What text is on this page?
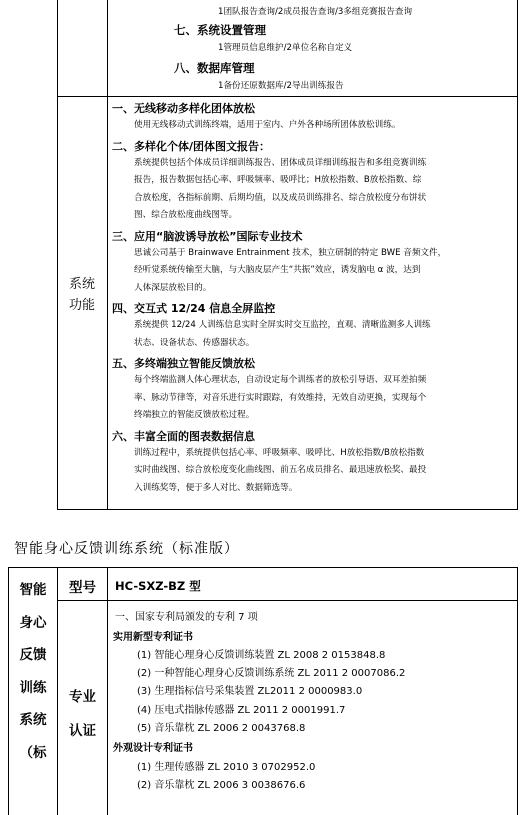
1团队报告查询/2成员报告查询/3多组竞赛报告查询
七、系统设置管理
1管理员信息维护/2单位名称自定义
八、数据库管理
1备份还原数据库/2导出训练报告
系统
功能
一、无线移动多样化团体放松
使用无线移动式训练终端，适用于室内、户外各种场所团体放松训练。
二、多样化个体/团体图文报告：
系统提供包括个体成员详细训练报告、团体成员详细训练报告和多组竞赛训练
报告，报告数据包括心率、呼吸频率、吸呼比；H放松指数、B放松指数、综
合放松度，各指标前期、后期均值，以及成员训练排名、综合放松度分布饼状
图、综合放松度曲线图等。
三、应用“脑波诱导放松”国际专业技术
思诚公司基于 Brainwave Entrainment 技术，独立研制的特定 BWE 音频文件，
经听觉系统传输至大脑，与大脑皮层产生“共振”效应，诱发脑电 α 波，达到
人体深层放松目的。
四、交互式 12/24 信息全屏监控
系统提供 12/24 人训练信息实时全屏实时交互监控，直观、清晰监测多人训练
状态、设备状态、传感器状态。
五、多终端独立智能反馈放松
每个终端监测人体心理状态，自动设定每个训练者的放松引导语、双耳差拍频
率、脉动节律等，对音乐进行实时跟踪，有效维持，无效自动更换，实现每个
终端独立的智能反馈放松过程。
六、丰富全面的图表数据信息
训练过程中，系统提供包括心率、呼吸频率、吸呼比、H放松指数/B放松指数
实时曲线图、综合放松度变化曲线图、前五名成员排名、最迅速放松奖、最投
入训练奖等，便于多人对比、数据筛选等。
智能身心反馈训练系统（标准版）
智能
身心
反馈
训练
系统
（标
型号	HC-SXZ-BZ 型
专业
认证
一、国家专利局颁发的专利 7 项
实用新型专利证书
(1) 智能心理身心反馈训练装置 ZL 2008 2 0153848.8
(2) 一种智能心理身心反馈训练系统 ZL 2011 2 0007086.2
(3) 生理指标信号采集装置 ZL2011 2 0000983.0
(4) 压电式指脉传感器 ZL 2011 2 0001991.7
(5) 音乐靠枕 ZL 2006 2 0043768.8
外观设计专利证书
(1) 生理传感器 ZL 2010 3 0702952.0
(2) 音乐靠枕 ZL 2006 3 0038676.6
